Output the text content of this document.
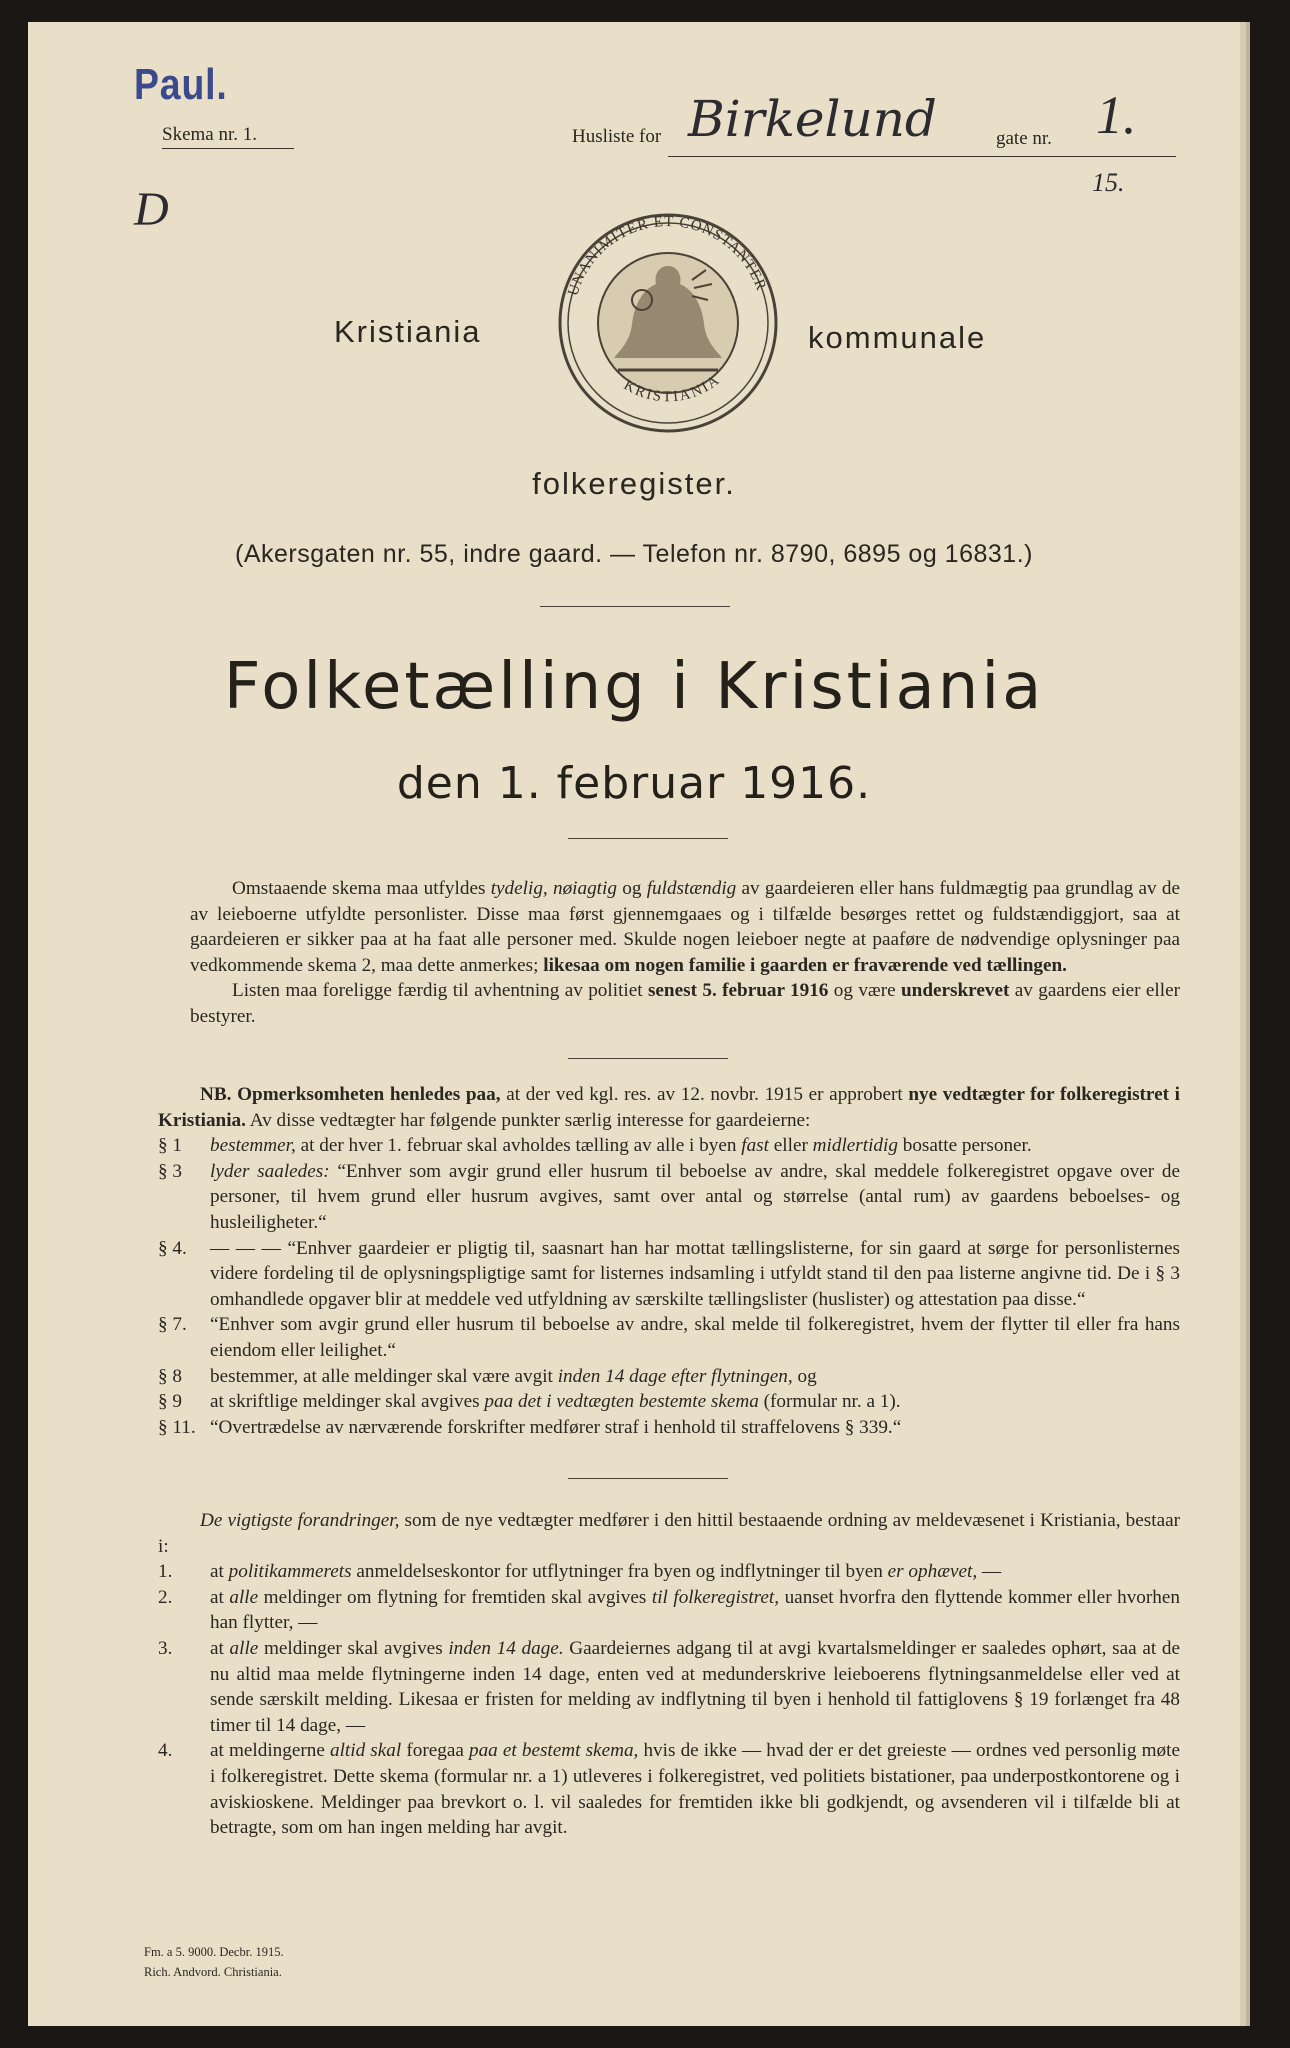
Paul.
Skema nr. 1.	Husliste for Birkelund	gate nr. 1.
D
15.
Kristiania
UNANIMITER ET CONSTANTER
KRISTIANIA
kommunale
folkeregister.
(Akersgaten nr. 55, indre gaard. — Telefon nr. 8790, 6895 og 16831.)
Folketælling i Kristiania
den 1. februar 1916.

Omstaaende skema maa utfyldes tydelig, nøiagtig og fuldstændig av gaardeieren eller hans fuldmægtig paa grundlag av de av leieboerne utfyldte personlister. Disse maa først gjennemgaaes og i tilfælde besørges rettet og fuldstændiggjort, saa at gaardeieren er sikker paa at ha faat alle personer med. Skulde nogen leieboer negte at paaføre de nødvendige oplysninger paa vedkommende skema 2, maa dette anmerkes; likesaa om nogen familie i gaarden er fraværende ved tællingen.

Listen maa foreligge færdig til avhentning av politiet senest 5. februar 1916 og være underskrevet av gaardens eier eller bestyrer.

NB. Opmerksomheten henledes paa, at der ved kgl. res. av 12. novbr. 1915 er approbert nye vedtægter for folkeregistret i Kristiania. Av disse vedtægter har følgende punkter særlig interesse for gaardeierne:

§ 1	bestemmer, at der hver 1. februar skal avholdes tælling av alle i byen fast eller midlertidig bosatte personer.
§ 3	lyder saaledes: “Enhver som avgir grund eller husrum til beboelse av andre, skal meddele folkeregistret opgave over de personer, til hvem grund eller husrum avgives, samt over antal og størrelse (antal rum) av gaardens beboelses- og husleiligheter.“
§ 4.	— — — “Enhver gaardeier er pligtig til, saasnart han har mottat tællingslisterne, for sin gaard at sørge for personlisternes videre fordeling til de oplysningspligtige samt for listernes indsamling i utfyldt stand til den paa listerne angivne tid. De i § 3 omhandlede opgaver blir at meddele ved utfyldning av særskilte tællingslister (huslister) og attestation paa disse.“
§ 7.	“Enhver som avgir grund eller husrum til beboelse av andre, skal melde til folkeregistret, hvem der flytter til eller fra hans eiendom eller leilighet.“
§ 8	bestemmer, at alle meldinger skal være avgit inden 14 dage efter flytningen, og
§ 9	at skriftlige meldinger skal avgives paa det i vedtægten bestemte skema (formular nr. a 1).
§ 11. “Overtrædelse av nærværende forskrifter medfører straf i henhold til straffelovens § 339.“

De vigtigste forandringer, som de nye vedtægter medfører i den hittil bestaaende ordning av meldevæsenet i Kristiania, bestaar i:

1.	at politikammerets anmeldelseskontor for utflytninger fra byen og indflytninger til byen er ophævet, —
2.	at alle meldinger om flytning for fremtiden skal avgives til folkeregistret, uanset hvorfra den flyttende kommer eller hvorhen han flytter, —
3.	at alle meldinger skal avgives inden 14 dage. Gaardeiernes adgang til at avgi kvartalsmeldinger er saaledes ophørt, saa at de nu altid maa melde flytningerne inden 14 dage, enten ved at medunderskrive leieboerens flytningsanmeldelse eller ved at sende særskilt melding. Likesaa er fristen for melding av indflytning til byen i henhold til fattiglovens § 19 forlænget fra 48 timer til 14 dage, —
4.	at meldingerne altid skal foregaa paa et bestemt skema, hvis de ikke — hvad der er det greieste — ordnes ved personlig møte i folkeregistret. Dette skema (formular nr. a 1) utleveres i folkeregistret, ved politiets bistationer, paa underpostkontorene og i aviskioskene. Meldinger paa brevkort o. l. vil saaledes for fremtiden ikke bli godkjendt, og avsenderen vil i tilfælde bli at betragte, som om han ingen melding har avgit.
Fm. a 5. 9000. Decbr. 1915.
Rich. Andvord. Christiania.
